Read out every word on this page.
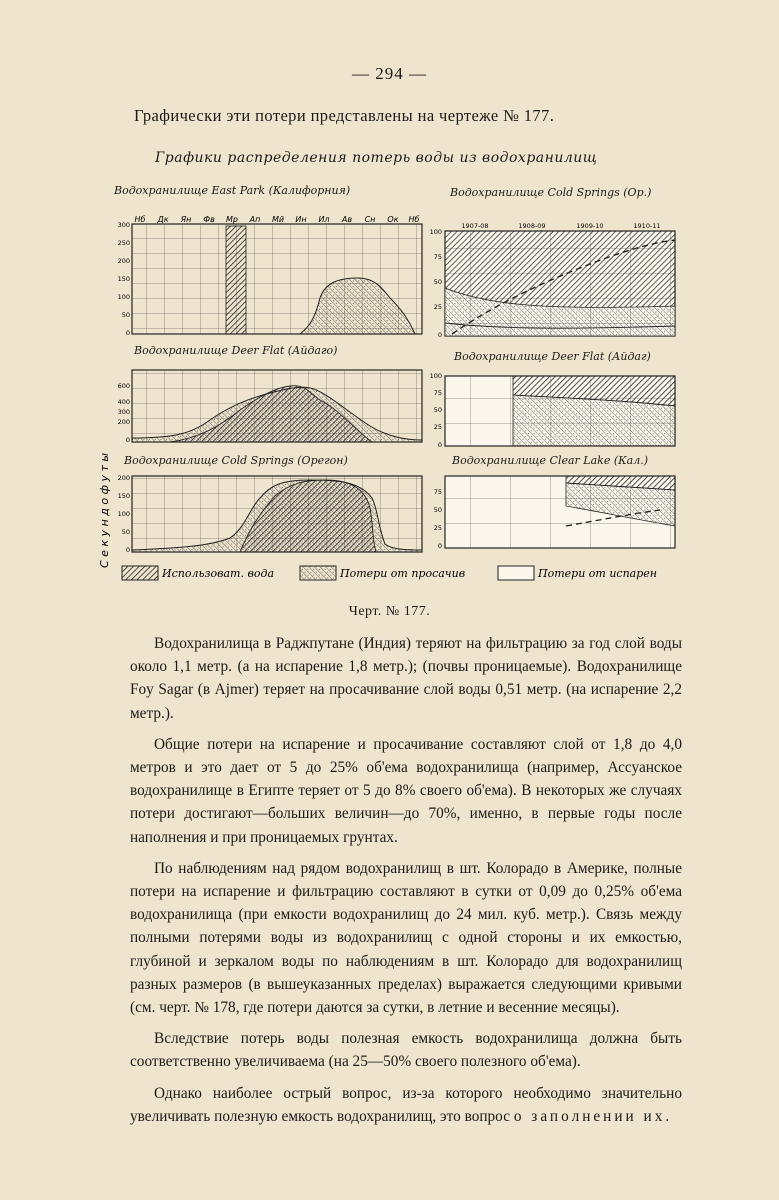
— 294 —
Графически эти потери представлены на чертеже № 177.
Графики распределения потерь воды из водохранилищ
С е к у н д о ф у т ы
300
250
200
150
100
50
0
Нб Дк Ян Фв Мр Ап Мй Ин Ил Ав Сн Ок Нб
100
75
50
25
0
1907-08	1908-09	1909-10	1910-11
600
400
300
200
0
100
75
50
25
0
200
150
100
50
0
75
50
25
0
Использоват. вода	Потери от просачив	Потери от испарен
Водохранилище East Park (Калифорния)	Водохранилище Cold Springs (Ор.)
Водохранилище Deer Flat (Айдаго)	Водохранилище Deer Flat (Айдаг)
Водохранилище Cold Springs (Орегон)	Водохранилище Clear Lake (Кал.)
Черт. № 177.

Водохранилища в Раджпутане (Индия) теряют на фильтрацию за год слой воды около 1,1 метр. (а на испарение 1,8 метр.); (почвы проницаемые). Водохранилище Foy Sagar (в Ajmer) теряет на просачивание слой воды 0,51 метр. (на испарение 2,2 метр.).

Общие потери на испарение и просачивание составляют слой от 1,8 до 4,0 метров и это дает от 5 до 25% об'ема водохранилища (например, Ассуанское водохранилище в Египте теряет от 5 до 8% своего об'ема). В некоторых же случаях потери достигают—больших величин—до 70%, именно, в первые годы после наполнения и при проницаемых грунтах.

По наблюдениям над рядом водохранилищ в шт. Колорадо в Америке, полные потери на испарение и фильтрацию составляют в сутки от 0,09 до 0,25% об'ема водохранилища (при емкости водохранилищ до 24 мил. куб. метр.). Связь между полными потерями воды из водохранилищ с одной стороны и их емкостью, глубиной и зеркалом воды по наблюдениям в шт. Колорадо для водохранилищ разных размеров (в вышеуказанных пределах) выражается следующими кривыми (см. черт. № 178, где потери даются за сутки, в летние и весенние месяцы).

Вследствие потерь воды полезная емкость водохранилища должна быть соответственно увеличиваема (на 25—50% своего полезного об'ема).

Однако наиболее острый вопрос, из-за которого необходимо значительно увеличивать полезную емкость водохранилищ, это вопрос о заполнении их.
